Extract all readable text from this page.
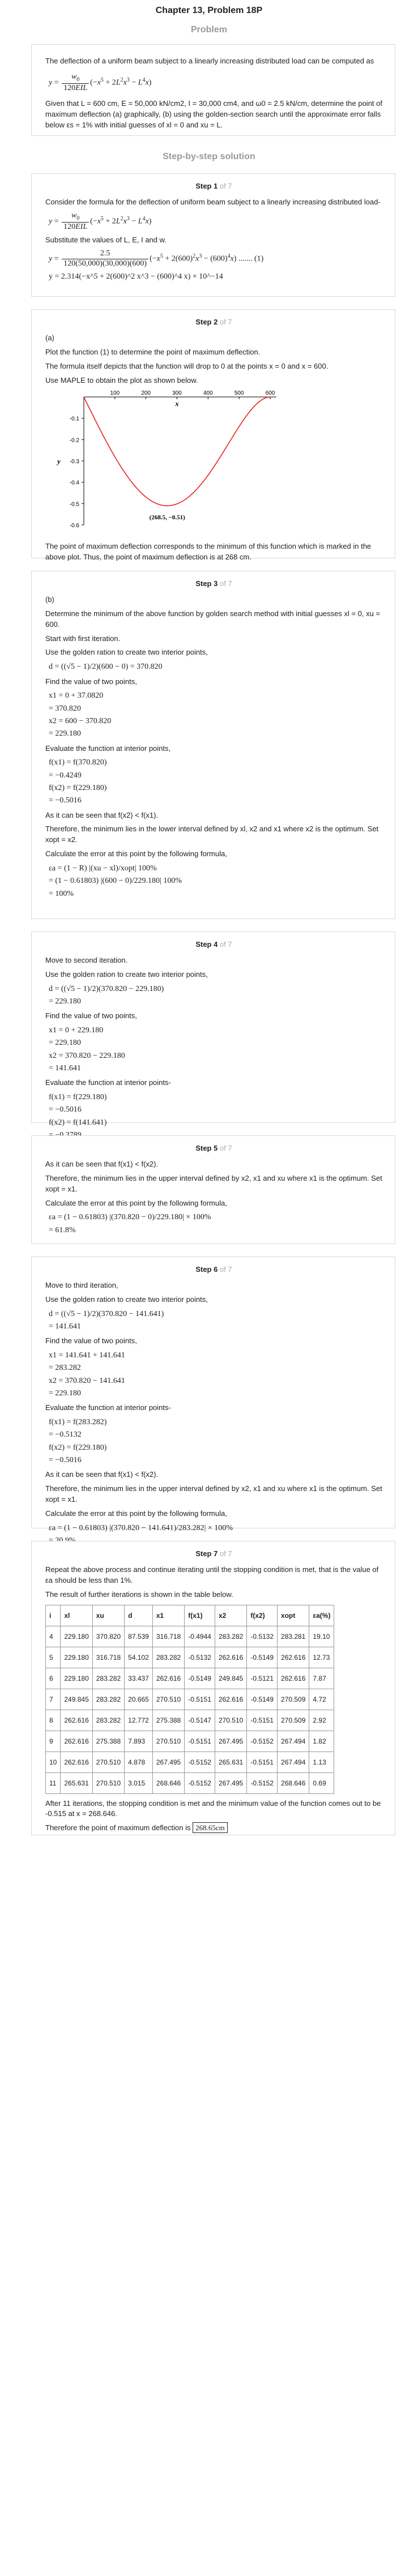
Chapter 13, Problem 18P
Problem

The deflection of a uniform beam subject to a linearly increasing distributed load can be computed as

$y = \frac{w_0}{\text{120EIL}} (-x^5 + 2L^2x^3 - L^4x)$

Given that L = 600 cm, E = 50,000 kN/cm2, I = 30,000 cm4, and ω0 = 2.5 kN/cm, determine the point of maximum deflection (a) graphically, (b) using the golden-section search until the approximate error falls below εs = 1% with initial guesses of xl = 0 and xu = L.

Step-by-step solution
Step 1 of 7

Consider the formula for the deflection of uniform beam subject to a linearly increasing distributed load-

$y = \frac{w_0}{\text{120EIL}} (-x^5 + 2L^2x^3 - L^4x)$

Substitute the values of L, E, I and w.

$y = \frac{2.5}{120(50,000)(30,000)(600)} (-x^5 + 2(600)^2x^3 - (600)^4x)$ ....... (1)
y = 2.314(−x^5 + 2(600)^2 x^3 − (600)^4 x) × 10^−14
Step 2 of 7

(a)

Plot the function (1) to determine the point of maximum deflection.

The formula itself depicts that the function will drop to 0 at the points x = 0 and x = 600.

Use MAPLE to obtain the plot as shown below.

100	200	300	400	500	600
x
-0.1
-0.2
-0.3
-0.4
-0.5
-0.6
y
(268.5, −0.51)

The point of maximum deflection corresponds to the minimum of this function which is marked in the above plot. Thus, the point of maximum deflection is at 268 cm.

Step 3 of 7

(b)

Determine the minimum of the above function by golden search method with initial guesses xl = 0, xu = 600.

Start with first iteration.

Use the golden ration to create two interior points,

d = ((√5 − 1)/2)(600 − 0) = 370.820

Find the value of two points,

x1 = 0 + 37.0820
= 370.820
x2 = 600 − 370.820
= 229.180

Evaluate the function at interior points,

f(x1) = f(370.820)
= −0.4249
f(x2) = f(229.180)
= −0.5016

As it can be seen that f(x2) < f(x1).

Therefore, the minimum lies in the lower interval defined by xl, x2 and x1 where x2 is the optimum. Set xopt = x2.

Calculate the error at this point by the following formula,

εa = (1 − R) |(xu − xl)/xopt| 100%
= (1 − 0.61803) |(600 − 0)/229.180| 100%
= 100%
Step 4 of 7

Move to second iteration.

Use the golden ration to create two interior points,

d = ((√5 − 1)/2)(370.820 − 229.180)
= 229.180

Find the value of two points,

x1 = 0 + 229.180
= 229.180
x2 = 370.820 − 229.180
= 141.641

Evaluate the function at interior points-

f(x1) = f(229.180)
= −0.5016
f(x2) = f(141.641)
Step 5 of 7

As it can be seen that f(x1) < f(x2).

Therefore, the minimum lies in the upper interval defined by x2, x1 and xu where x1 is the optimum. Set xopt = x1.

Calculate the error at this point by the following formula,

εa = (1 − 0.61803) |(370.820 − 0)/229.180| × 100%
= 61.8%
Step 6 of 7

Move to third iteration,

Use the golden ration to create two interior points,

d = ((√5 − 1)/2)(370.820 − 141.641)
= 141.641

Find the value of two points,

x1 = 141.641 + 141.641
= 283.282
x2 = 370.820 − 141.641
= 229.180

Evaluate the function at interior points-

f(x1) = f(283.282)
= −0.5132
f(x2) = f(229.180)
= −0.5016

As it can be seen that f(x1) < f(x2).

Therefore, the minimum lies in the upper interval defined by x2, x1 and xu where x1 is the optimum. Set xopt = x1.

Calculate the error at this point by the following formula,

εa = (1 − 0.61803) |(370.820 − 141.641)/283.282| × 100%
Step 7 of 7

Repeat the above process and continue iterating until the stopping condition is met, that is the value of εa should be less than 1%.

The result of further iterations is shown in the table below.

i	xl	xu	d	x1	f(x1)	x2	f(x2)	xopt	εa(%)
4	229.180	370.820	87.539	316.718	-0.4944	283.282	-0.5132	283.281	19.10
5	229.180	316.718	54.102	283.282	-0.5132	262.616	-0.5149	262.616	12.73
6	229.180	283.282	33.437	262.616	-0.5149	249.845	-0.5121	262.616	7.87
7	249.845	283.282	20.665	270.510	-0.5151	262.616	-0.5149	270.509	4.72
8	262.616	283.282	12.772	275.388	-0.5147	270.510	-0.5151	270.509	2.92
9	262.616	275.388	7.893	270.510	-0.5151	267.495	-0.5152	267.494	1.82
10	262.616	270.510	4.878	267.495	-0.5152	265.631	-0.5151	267.494	1.13
11	265.631	270.510	3.015	268.646	-0.5152	267.495	-0.5152	268.646	0.69

After 11 iterations, the stopping condition is met and the minimum value of the function comes out to be -0.515 at x = 268.646.

Therefore the point of maximum deflection is 268.65cm
